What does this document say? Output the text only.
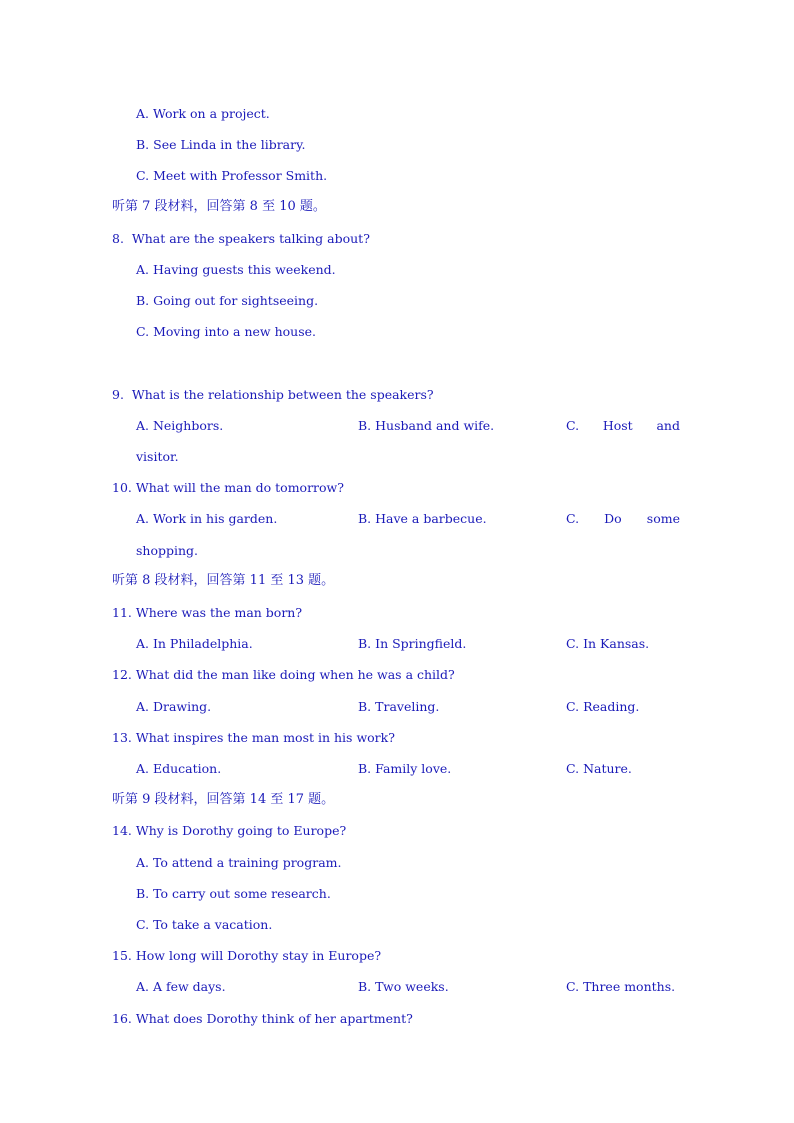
A. Work on a project.
B. See Linda in the library.
C. Meet with Professor Smith.
听第 7 段材料，回答第 8 至 10 题。
8.  What are the speakers talking about?
A. Having guests this weekend.
B. Going out for sightseeing.
C. Moving into a new house.
9.  What is the relationship between the speakers?
A. Neighbors.	B. Husband and wife.	C. Host and
visitor.
10. What will the man do tomorrow?
A. Work in his garden.	B. Have a barbecue.	C. Do some
shopping.
听第 8 段材料，回答第 11 至 13 题。
11. Where was the man born?
A. In Philadelphia.	B. In Springfield.	C. In Kansas.
12. What did the man like doing when he was a child?
A. Drawing.	B. Traveling.	C. Reading.
13. What inspires the man most in his work?
A. Education.	B. Family love.	C. Nature.
听第 9 段材料，回答第 14 至 17 题。
14. Why is Dorothy going to Europe?
A. To attend a training program.
B. To carry out some research.
C. To take a vacation.
15. How long will Dorothy stay in Europe?
A. A few days.	B. Two weeks.	C. Three months.
16. What does Dorothy think of her apartment?
